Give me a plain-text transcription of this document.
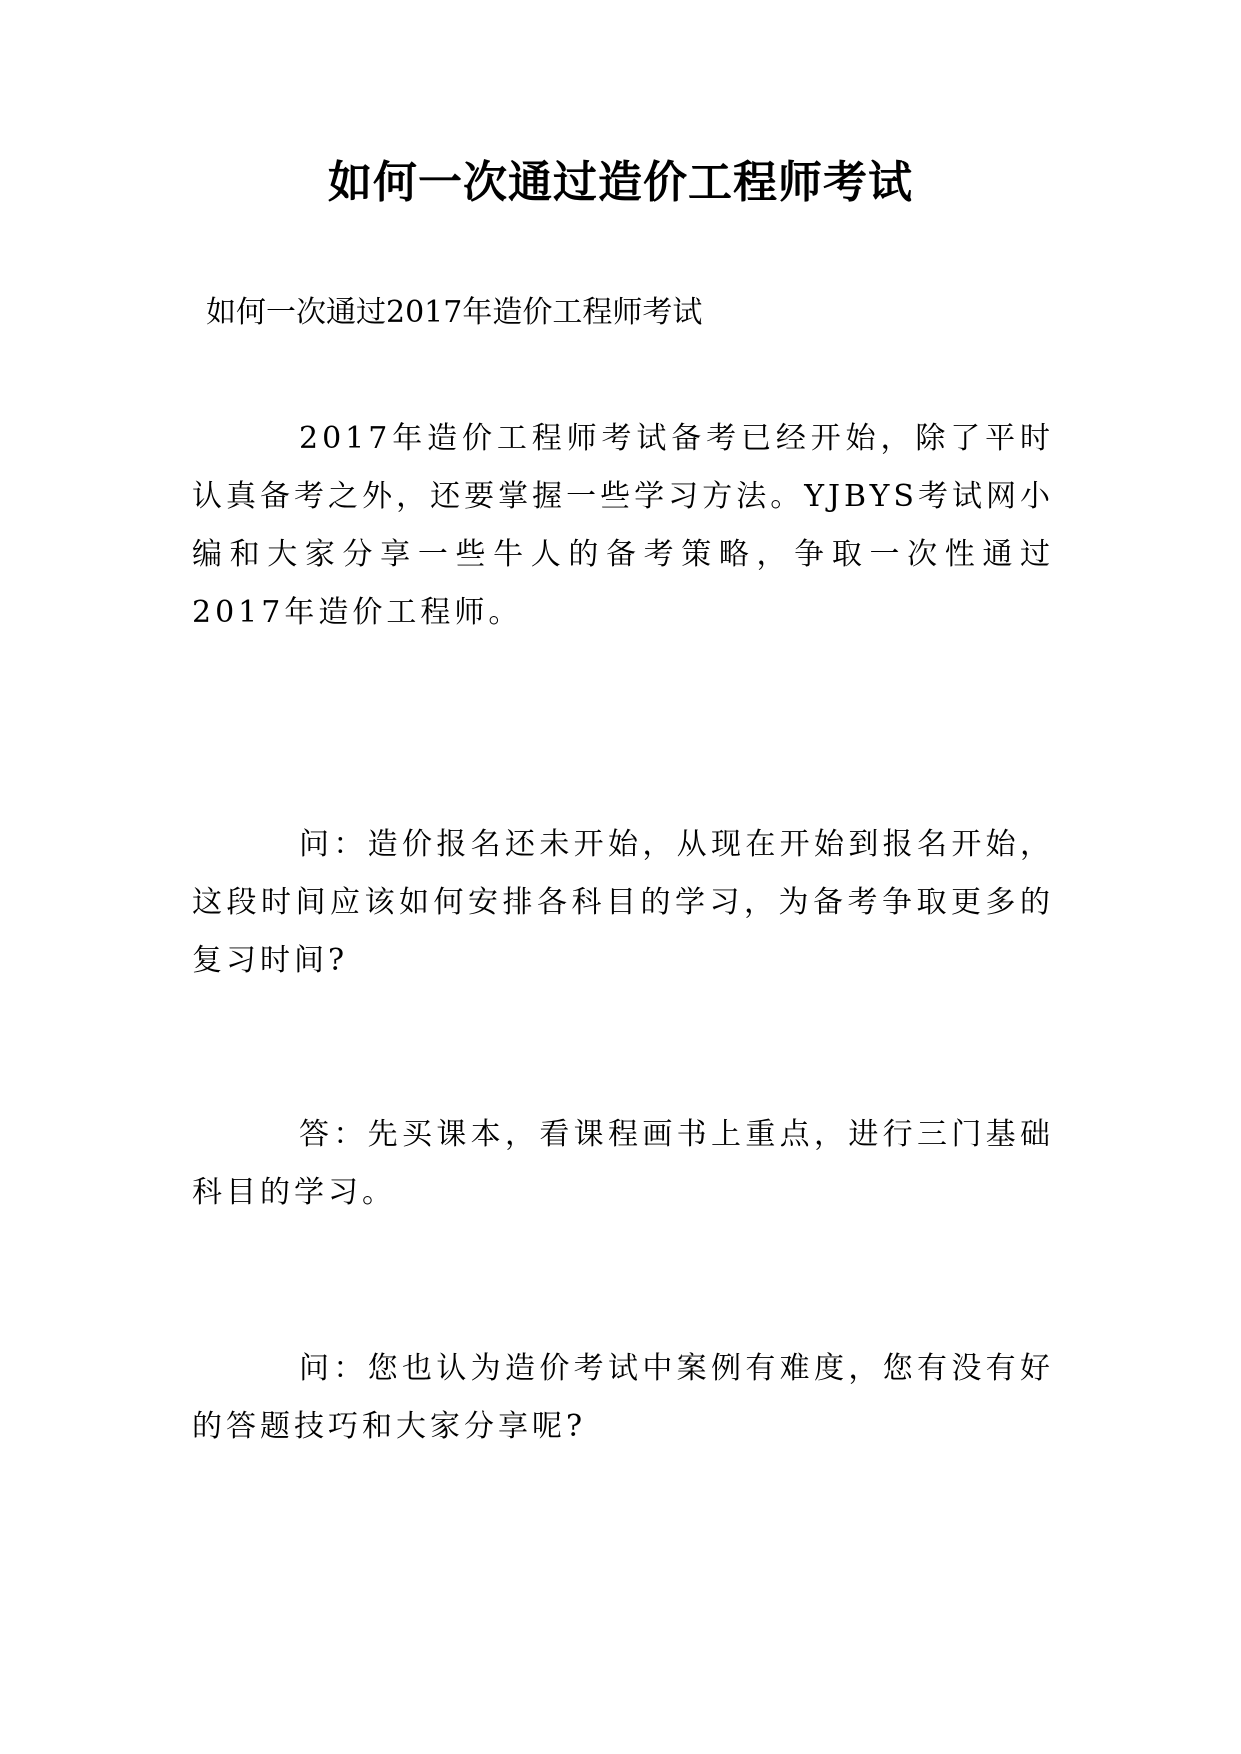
如何一次通过造价工程师考试

如何一次通过2017年造价工程师考试

2017年造价工程师考试备考已经开始，除了平时认真备考之外，还要掌握一些学习方法。YJBYS考试网小编和大家分享一些牛人的备考策略，争取一次性通过2017年造价工程师。

问：造价报名还未开始，从现在开始到报名开始，这段时间应该如何安排各科目的学习，为备考争取更多的复习时间?

答：先买课本，看课程画书上重点，进行三门基础科目的学习。

问：您也认为造价考试中案例有难度，您有没有好的答题技巧和大家分享呢?
